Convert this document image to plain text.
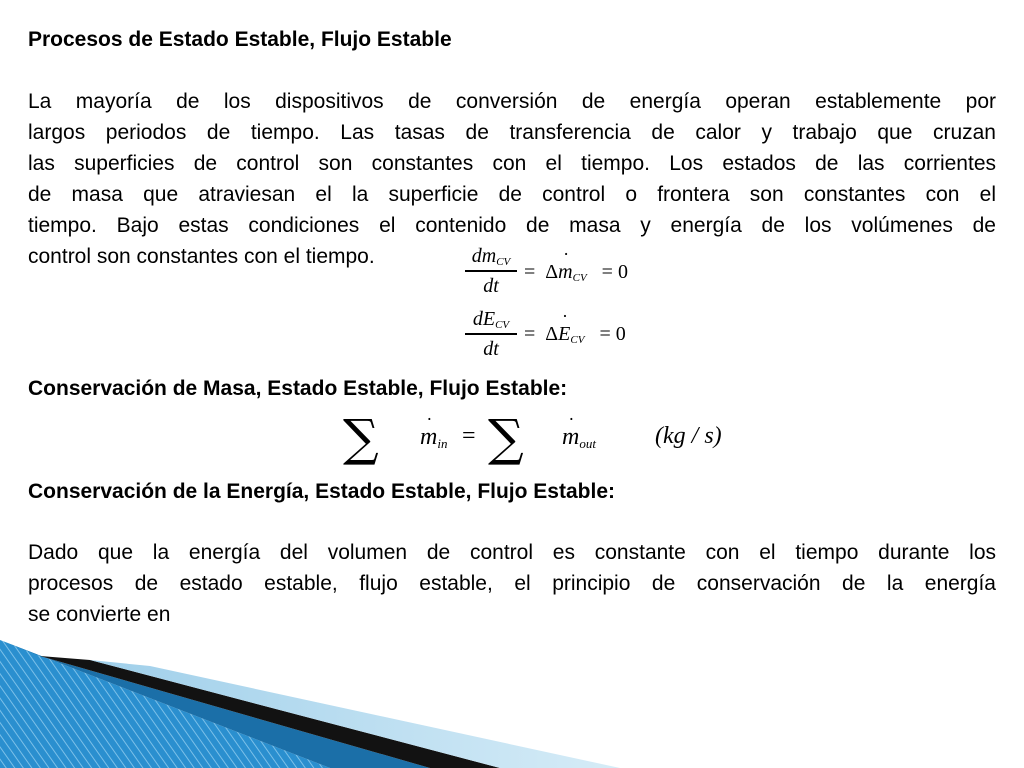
Procesos de Estado Estable, Flujo Estable
La mayoría de los dispositivos de conversión de energía operan establemente por
largos periodos de tiempo. Las tasas de transferencia de calor y trabajo que cruzan
las superficies de control son constantes con el tiempo. Los estados de las corrientes
de masa que atraviesan el la superficie de control o frontera son constantes con el
tiempo. Bajo estas condiciones el contenido de masa y energía de los volúmenes de
control son constantes con el tiempo.	$dm_{CV}$
dt
= Δ˙ $m_{CV} = 0$
$dE_{CV}$
dt
= Δ˙ $E_{CV} = 0$
Conservación de Masa, Estado Estable, Flujo Estable:
∑ ˙ $m_{in}$ = ∑ ˙ $m_{out}$ (kg / s)
Conservación de la Energía, Estado Estable, Flujo Estable:
Dado que la energía del volumen de control es constante con el tiempo durante los
procesos de estado estable, flujo estable, el principio de conservación de la energía
se convierte en
